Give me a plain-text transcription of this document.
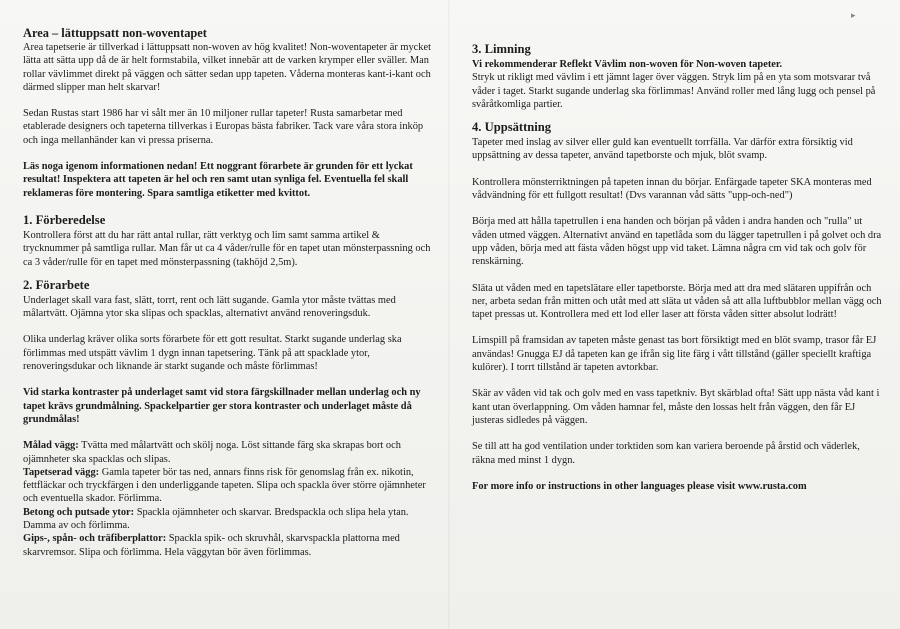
▸
Area – lättuppsatt non-woventapet

Area tapetserie är tillverkad i lättuppsatt non-woven av hög kvalitet! Non-woventapeter är mycket lätta att sätta upp då de är helt formstabila, vilket innebär att de varken krymper eller sväller. Man rollar vävlimmet direkt på väggen och sätter sedan upp tapeten. Våderna monteras kant-i-kant och därmed slipper man helt skarvar!

Sedan Rustas start 1986 har vi sålt mer än 10 miljoner rullar tapeter! Rusta samarbetar med etablerade designers och tapeterna tillverkas i Europas bästa fabriker. Tack vare våra stora inköp och inga mellanhänder kan vi pressa priserna.

Läs noga igenom informationen nedan! Ett noggrant förarbete är grunden för ett lyckat resultat! Inspektera att tapeten är hel och ren samt utan synliga fel. Eventuella fel skall reklameras före montering. Spara samtliga etiketter med kvittot.

1. Förberedelse

Kontrollera först att du har rätt antal rullar, rätt verktyg och lim samt samma artikel & trycknummer på samtliga rullar. Man får ut ca 4 våder/rulle för en tapet utan mönsterpassning och ca 3 våder/rulle för en tapet med mönsterpassning (takhöjd 2,5m).

2. Förarbete

Underlaget skall vara fast, slätt, torrt, rent och lätt sugande. Gamla ytor måste tvättas med målartvätt. Ojämna ytor ska slipas och spacklas, alternativt använd renoveringsduk.

Olika underlag kräver olika sorts förarbete för ett gott resultat. Starkt sugande underlag ska förlimmas med utspätt vävlim 1 dygn innan tapetsering. Tänk på att spacklade ytor, renoveringsdukar och liknande är starkt sugande och måste förlimmas!

Vid starka kontraster på underlaget samt vid stora färgskillnader mellan underlag och ny tapet krävs grundmålning. Spackelpartier ger stora kontraster och underlaget måste då grundmålas!

Målad vägg: Tvätta med målartvätt och skölj noga. Löst sittande färg ska skrapas bort och ojämnheter ska spacklas och slipas.

Tapetserad vägg: Gamla tapeter bör tas ned, annars finns risk för genomslag från ex. nikotin, fettfläckar och tryckfärgen i den underliggande tapeten. Slipa och spackla över större ojämnheter och eventuella skador. Förlimma.

Betong och putsade ytor: Spackla ojämnheter och skarvar. Bredspackla och slipa hela ytan. Damma av och förlimma.

Gips-, spån- och träfiberplattor: Spackla spik- och skruvhål, skarvspackla plattorna med skarvremsor. Slipa och förlimma. Hela väggytan bör även förlimmas.

3. Limning

Vi rekommenderar Reflekt Vävlim non-woven för Non-woven tapeter.

Stryk ut rikligt med vävlim i ett jämnt lager över väggen. Stryk lim på en yta som motsvarar två våder i taget. Starkt sugande underlag ska förlimmas! Använd roller med lång lugg och pensel på svåråtkomliga partier.

4. Uppsättning

Tapeter med inslag av silver eller guld kan eventuellt torrfälla. Var därför extra försiktig vid uppsättning av dessa tapeter, använd tapetborste och mjuk, blöt svamp.

Kontrollera mönsterriktningen på tapeten innan du börjar. Enfärgade tapeter SKA monteras med vådvändning för ett fullgott resultat! (Dvs varannan våd sätts "upp-och-ned")

Börja med att hålla tapetrullen i ena handen och början på våden i andra handen och "rulla" ut våden utmed väggen. Alternativt använd en tapetlåda som du lägger tapetrullen i på golvet och dra upp våden, börja med att fästa våden högst upp vid taket. Lämna några cm vid tak och golv för renskärning.

Släta ut våden med en tapetslätare eller tapetborste. Börja med att dra med slätaren uppifrån och ner, arbeta sedan från mitten och utåt med att släta ut våden så att alla luftbubblor mellan vägg och tapet pressas ut. Kontrollera med ett lod eller laser att första våden sitter absolut lodrätt!

Limspill på framsidan av tapeten måste genast tas bort försiktigt med en blöt svamp, trasor får EJ användas! Gnugga EJ då tapeten kan ge ifrån sig lite färg i vått tillstånd (gäller speciellt kraftiga kulörer). I torrt tillstånd är tapeten avtorkbar.

Skär av våden vid tak och golv med en vass tapetkniv. Byt skärblad ofta! Sätt upp nästa våd kant i kant utan överlappning. Om våden hamnar fel, måste den lossas helt från väggen, den får EJ justeras sidledes på väggen.

Se till att ha god ventilation under torktiden som kan variera beroende på årstid och väderlek, räkna med minst 1 dygn.

For more info or instructions in other languages please visit www.rusta.com
